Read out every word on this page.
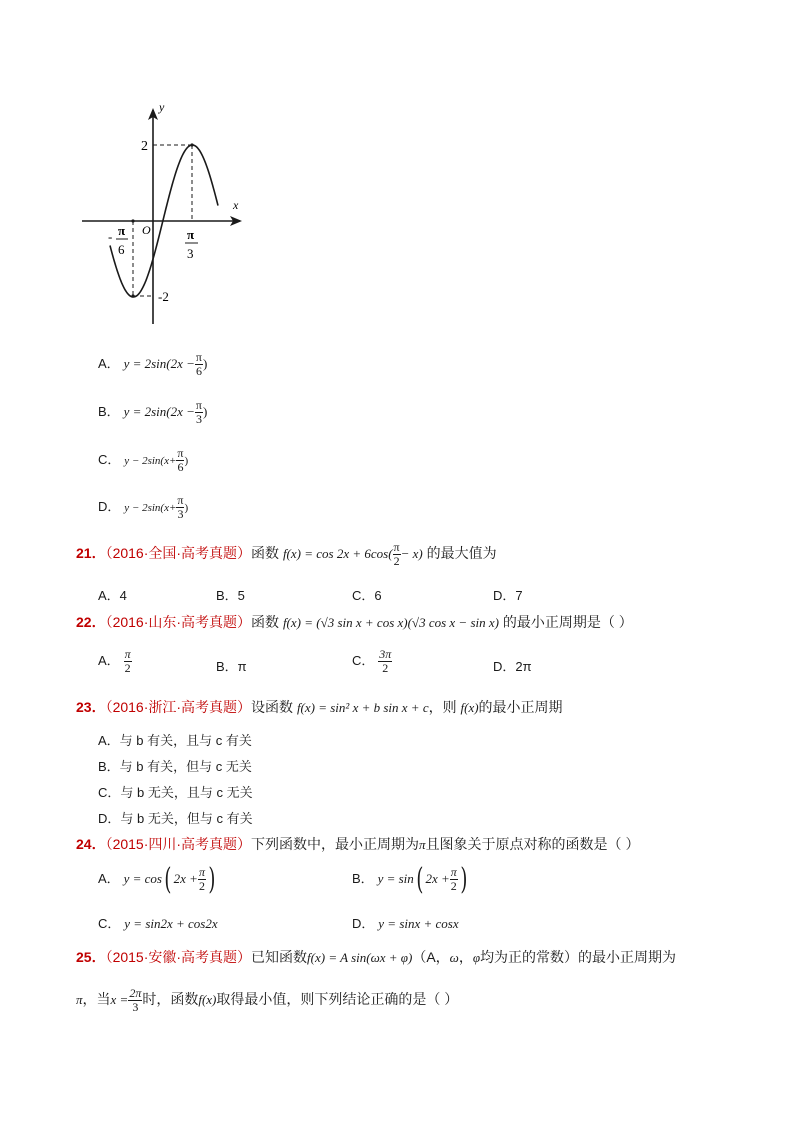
y
x
O
2
-2
- π
6
π
3
A． $y = 2\sin(2x - \frac{\pi}{6}$ )
B． $y = 2\sin(2x - \frac{\pi}{3}$ )
C． $y - 2\sin(x+ \frac{\pi}{6}$ )
D． $y - 2\sin(x+ \frac{\pi}{3}$ )
21．（2016·全国·高考真题）函数 $f(x) = \cos 2x + 6\cos( \frac{\pi}{2} - x)$ 的最大值为
A．4	B．5	C．6	D．7
22．（2016·山东·高考真题）函数 f(x) = (√3 sin x + cos x)(√3 cos x − sin x) 的最小正周期是（ ）
A． $\frac{\pi}{2}$	B．π	C． $\frac{3\pi}{2}$	D．2π
23．（2016·浙江·高考真题）设函数 f(x) = sin² x + b sin x + c，则 f(x)的最小正周期
A．与 b 有关，且与 c 有关
B．与 b 有关，但与 c 无关
C．与 b 无关，且与 c 无关
D．与 b 无关，但与 c 有关
24．（2015·四川·高考真题）下列函数中，最小正周期为π且图象关于原点对称的函数是（ ）
A． y = cos( $2x + \frac{\pi}{2}$ )	B． y = sin( $2x + \frac{\pi}{2}$ )
C． y = sin2x + cos2x	D． y = sinx + cosx
25．（2015·安徽·高考真题）已知函数f(x) = A sin(ωx + φ)（A，ω，φ均为正的常数）的最小正周期为
π，当$x = \frac{2\pi}{3}$ 时，函数f(x)取得最小值，则下列结论正确的是（ ）
